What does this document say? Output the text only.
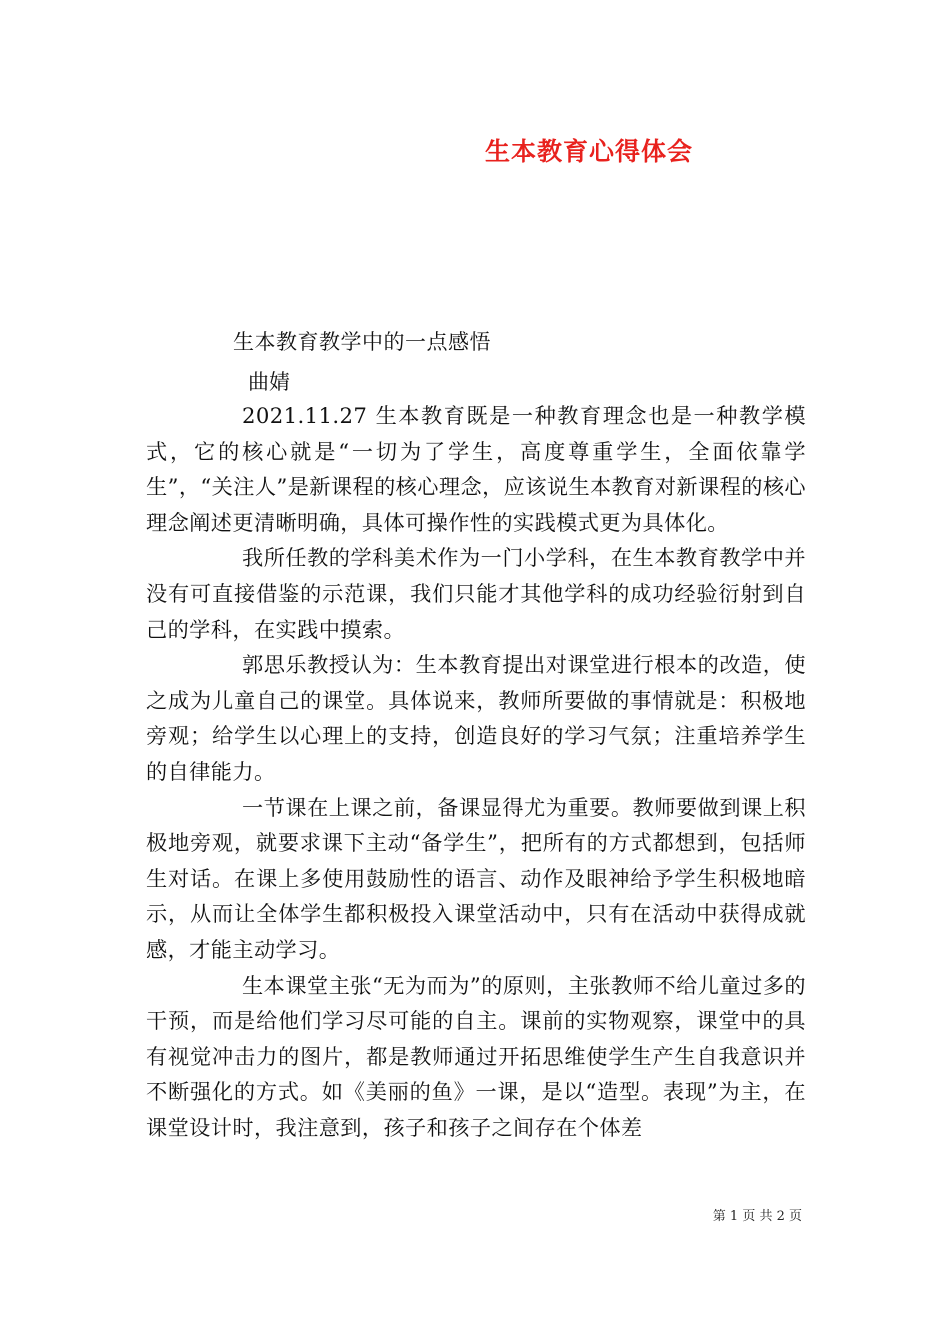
生本教育心得体会
生本教育教学中的一点感悟
曲婧

2021.11.27 生本教育既是一种教育理念也是一种教学模式，它的核心就是“一切为了学生，高度尊重学生，全面依靠学生”，“关注人”是新课程的核心理念，应该说生本教育对新课程的核心理念阐述更清晰明确，具体可操作性的实践模式更为具体化。

我所任教的学科美术作为一门小学科，在生本教育教学中并没有可直接借鉴的示范课，我们只能才其他学科的成功经验衍射到自己的学科，在实践中摸索。

郭思乐教授认为：生本教育提出对课堂进行根本的改造，使之成为儿童自己的课堂。具体说来，教师所要做的事情就是：积极地旁观；给学生以心理上的支持，创造良好的学习气氛；注重培养学生的自律能力。

一节课在上课之前，备课显得尤为重要。教师要做到课上积极地旁观，就要求课下主动“备学生”，把所有的方式都想到，包括师生对话。在课上多使用鼓励性的语言、动作及眼神给予学生积极地暗示，从而让全体学生都积极投入课堂活动中，只有在活动中获得成就感，才能主动学习。

生本课堂主张“无为而为”的原则，主张教师不给儿童过多的干预，而是给他们学习尽可能的自主。课前的实物观察，课堂中的具有视觉冲击力的图片，都是教师通过开拓思维使学生产生自我意识并不断强化的方式。如《美丽的鱼》一课，是以“造型。表现”为主，在课堂设计时，我注意到，孩子和孩子之间存在个体差

第 1 页 共 2 页
